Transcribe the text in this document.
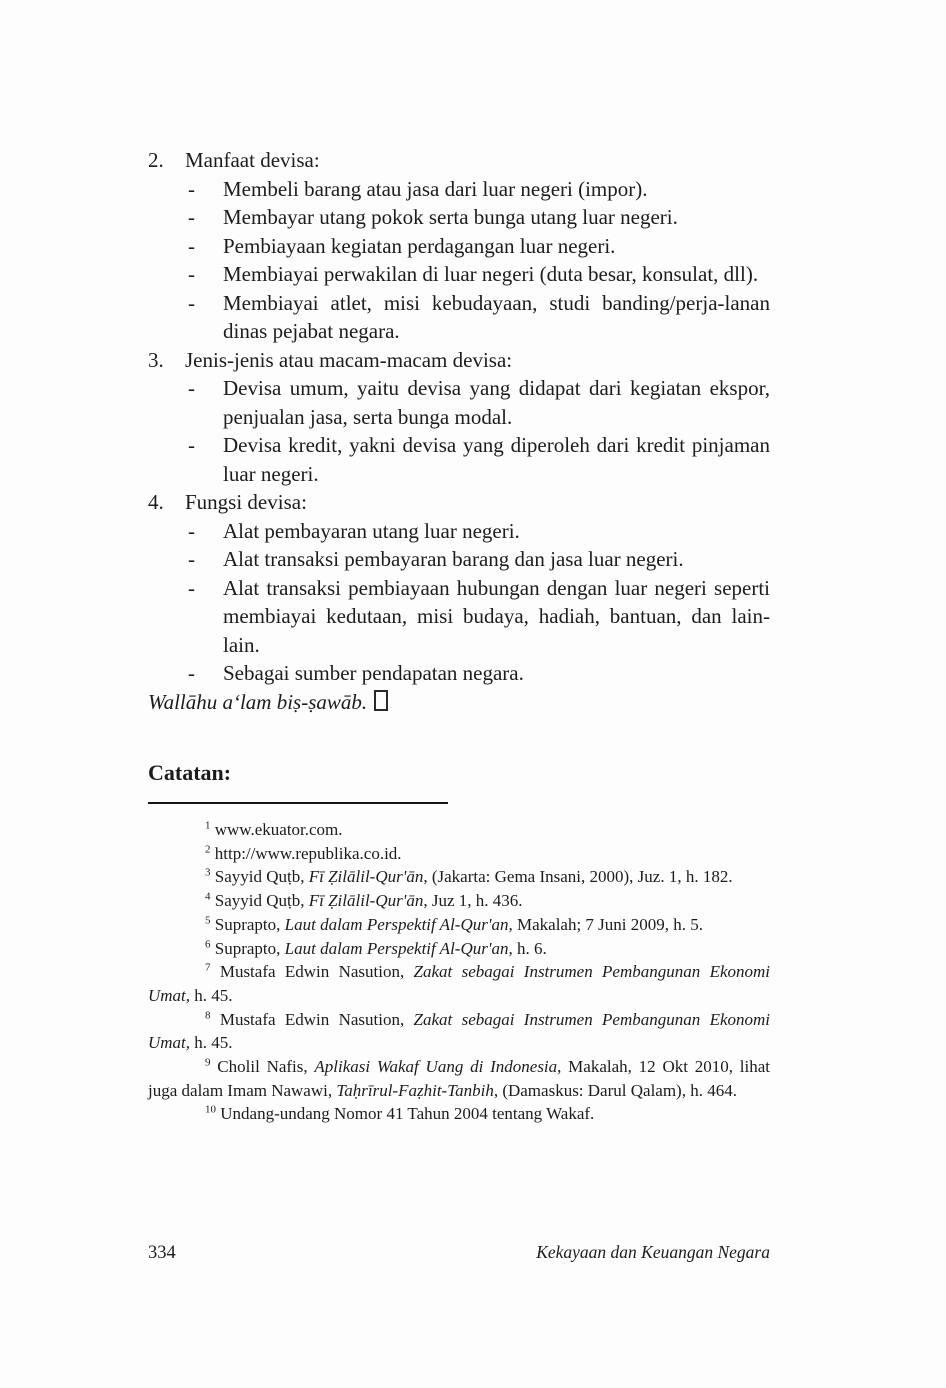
2.	Manfaat devisa:
-	Membeli barang atau jasa dari luar negeri (impor).
-	Membayar utang pokok serta bunga utang luar negeri.
-	Pembiayaan kegiatan perdagangan luar negeri.
-	Membiayai perwakilan di luar negeri (duta besar, konsulat, dll).
-	Membiayai atlet, misi kebudayaan, studi banding/perja-lanan dinas pejabat negara.
3.	Jenis-jenis atau macam-macam devisa:
-	Devisa umum, yaitu devisa yang didapat dari kegiatan ekspor, penjualan jasa, serta bunga modal.
-	Devisa kredit, yakni devisa yang diperoleh dari kredit pinjaman luar negeri.
4.	Fungsi devisa:
-	Alat pembayaran utang luar negeri.
-	Alat transaksi pembayaran barang dan jasa luar negeri.
-	Alat transaksi pembiayaan hubungan dengan luar negeri seperti membiayai kedutaan, misi budaya, hadiah, bantuan, dan lain-lain.
-	Sebagai sumber pendapatan negara.

Wallāhu a‘lam biṣ-ṣawāb.

Catatan:

$^1$ www.ekuator.com.

$^2$ http://www.republika.co.id.

$^3$ Sayyid Quṭb, Fī Ẓilālil-Qur'ān, (Jakarta: Gema Insani, 2000), Juz. 1, h. 182.

$^4$ Sayyid Quṭb, Fī Ẓilālil-Qur'ān, Juz 1, h. 436.

$^5$ Suprapto, Laut dalam Perspektif Al-Qur'an, Makalah; 7 Juni 2009, h. 5.

$^6$ Suprapto, Laut dalam Perspektif Al-Qur'an, h. 6.

$^7$ Mustafa Edwin Nasution, Zakat sebagai Instrumen Pembangunan Ekonomi Umat, h. 45.

$^8$ Mustafa Edwin Nasution, Zakat sebagai Instrumen Pembangunan Ekonomi Umat, h. 45.

$^9$ Cholil Nafis, Aplikasi Wakaf Uang di Indonesia, Makalah, 12 Okt 2010, lihat juga dalam Imam Nawawi, Taḥrīrul-Faẓhit-Tanbih, (Damaskus: Darul Qalam), h. 464.

$^{10}$ Undang-undang Nomor 41 Tahun 2004 tentang Wakaf.

334	Kekayaan dan Keuangan Negara
